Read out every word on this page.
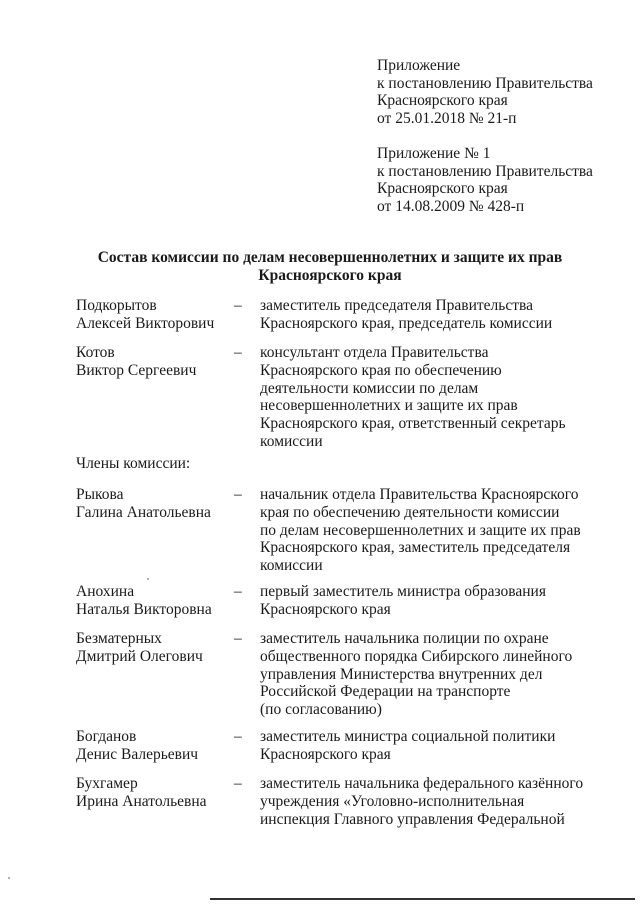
Приложение
к постановлению Правительства
Красноярского края
от 25.01.2018 № 21-п
Приложение № 1
к постановлению Правительства
Красноярского края
от 14.08.2009 № 428-п
Состав комиссии по делам несовершеннолетних и защите их прав
Красноярского края
Подкорытов
Алексей Викторович
– заместитель председателя Правительства
Красноярского края, председатель комиссии
Котов
Виктор Сергеевич
– консультант отдела Правительства
Красноярского края по обеспечению
деятельности комиссии по делам
несовершеннолетних и защите их прав
Красноярского края, ответственный секретарь
комиссии
Члены комиссии:
Рыкова
Галина Анатольевна
– начальник отдела Правительства Красноярского
края по обеспечению деятельности комиссии
по делам несовершеннолетних и защите их прав
Красноярского края, заместитель председателя
комиссии
Анохина
Наталья Викторовна
– первый заместитель министра образования
Красноярского края
Безматерных
Дмитрий Олегович
– заместитель начальника полиции по охране
общественного порядка Сибирского линейного
управления Министерства внутренних дел
Российской Федерации на транспорте
(по согласованию)
Богданов
Денис Валерьевич
– заместитель министра социальной политики
Красноярского края
Бухгамер
Ирина Анатольевна
– заместитель начальника федерального казённого
учреждения «Уголовно-исполнительная
инспекция Главного управления Федеральной
